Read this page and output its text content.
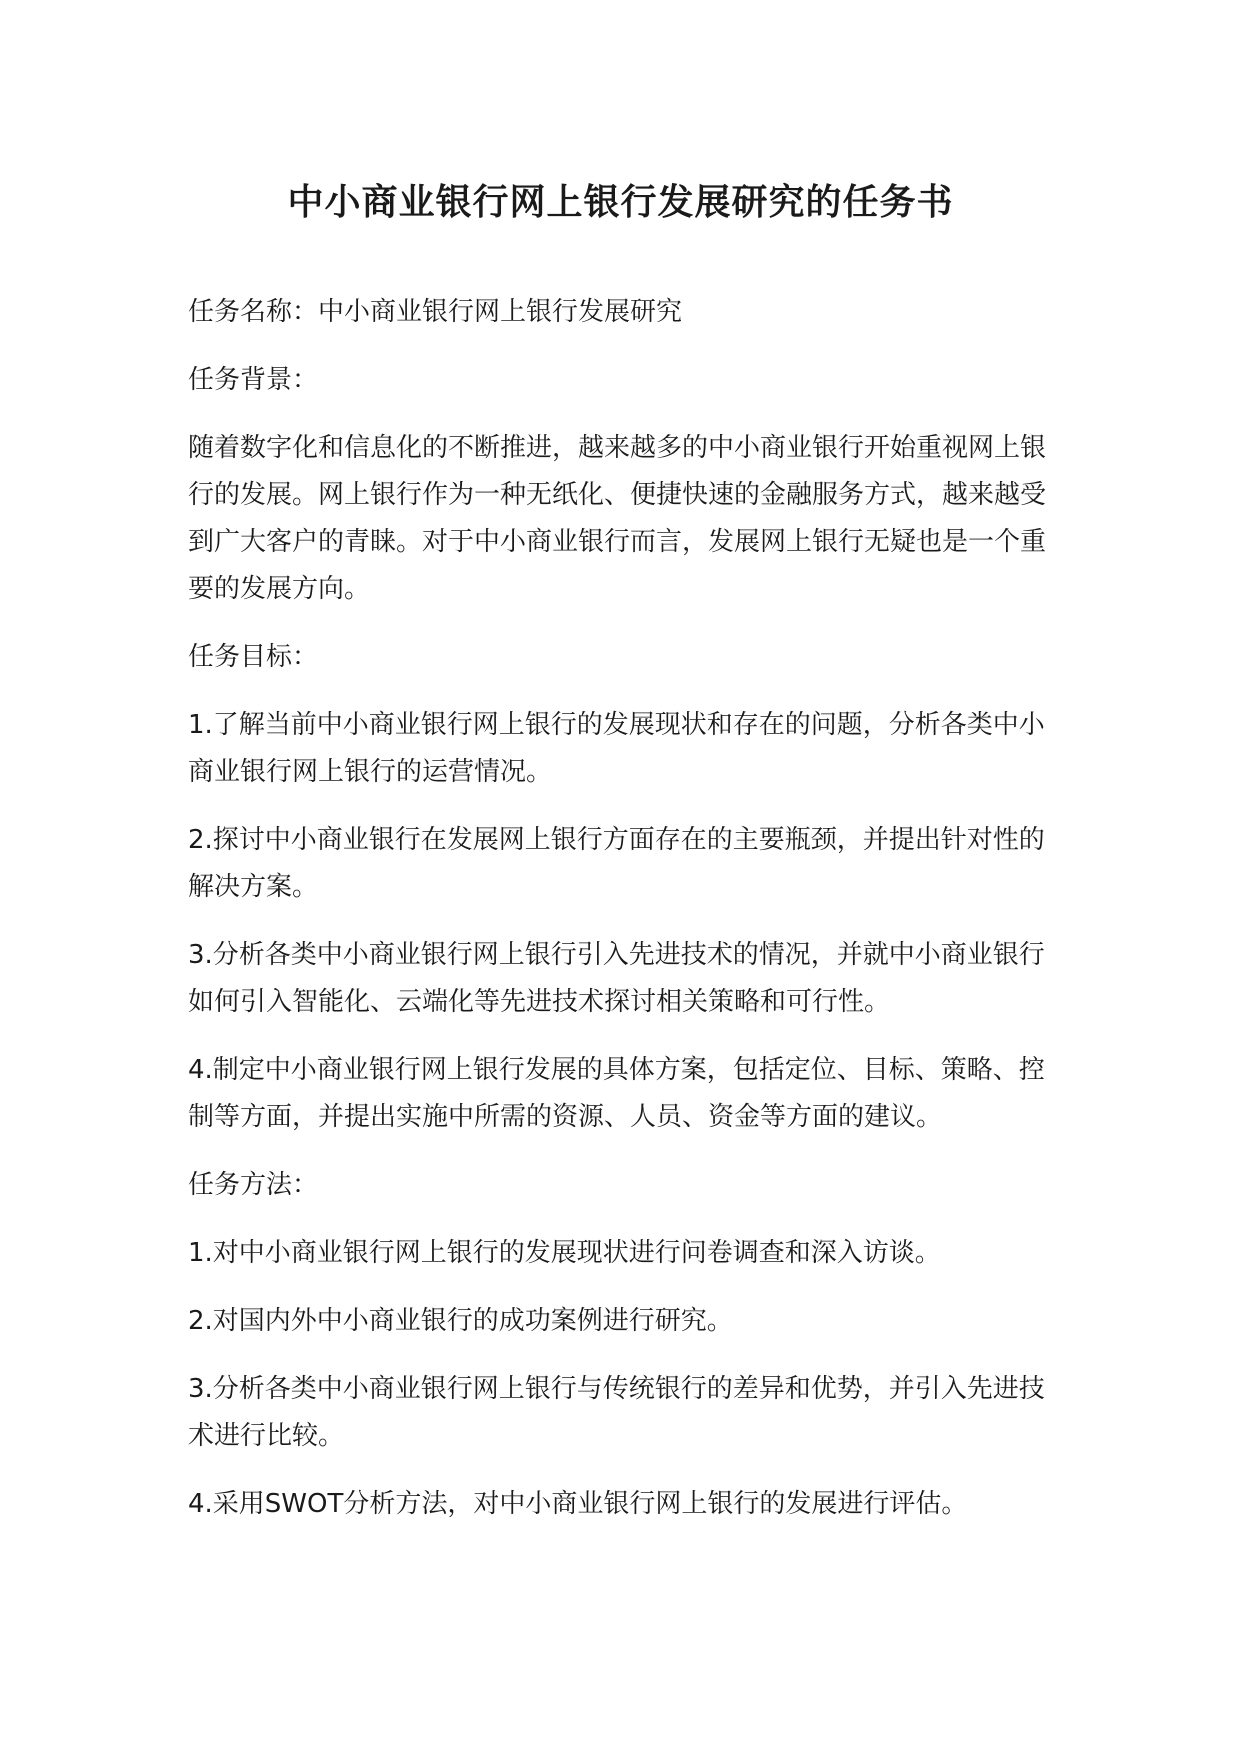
中小商业银行网上银行发展研究的任务书

任务名称：中小商业银行网上银行发展研究

任务背景：

随着数字化和信息化的不断推进，越来越多的中小商业银行开始重视网上银行的发展。网上银行作为一种无纸化、便捷快速的金融服务方式，越来越受到广大客户的青睐。对于中小商业银行而言，发展网上银行无疑也是一个重要的发展方向。

任务目标：

1.了解当前中小商业银行网上银行的发展现状和存在的问题，分析各类中小商业银行网上银行的运营情况。

2.探讨中小商业银行在发展网上银行方面存在的主要瓶颈，并提出针对性的解决方案。

3.分析各类中小商业银行网上银行引入先进技术的情况，并就中小商业银行如何引入智能化、云端化等先进技术探讨相关策略和可行性。

4.制定中小商业银行网上银行发展的具体方案，包括定位、目标、策略、控制等方面，并提出实施中所需的资源、人员、资金等方面的建议。

任务方法：

1.对中小商业银行网上银行的发展现状进行问卷调查和深入访谈。

2.对国内外中小商业银行的成功案例进行研究。

3.分析各类中小商业银行网上银行与传统银行的差异和优势，并引入先进技术进行比较。

4.采用SWOT分析方法，对中小商业银行网上银行的发展进行评估。
